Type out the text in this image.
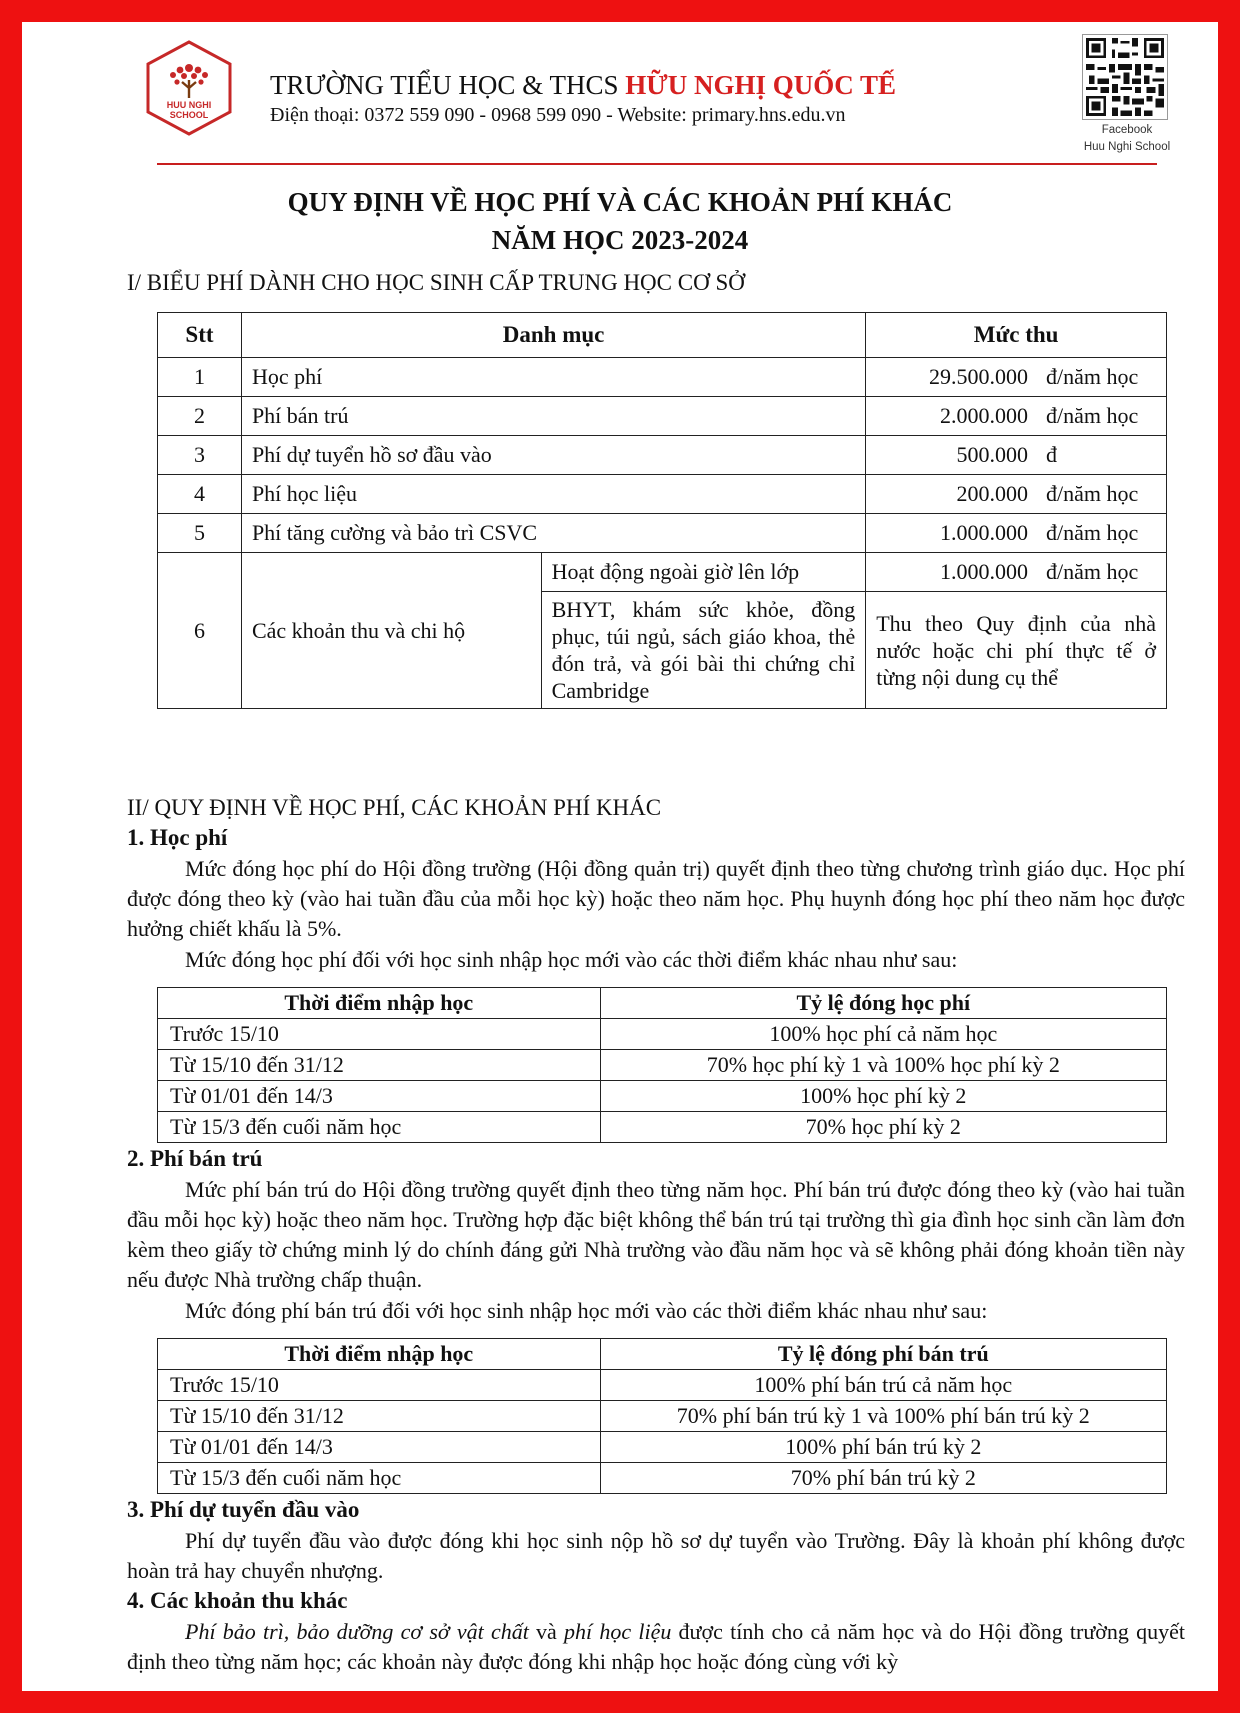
HUU NGHI
SCHOOL
TRƯỜNG TIỂU HỌC & THCS HỮU NGHỊ QUỐC TẾ
Điện thoại: 0372 559 090 - 0968 599 090 - Website: primary.hns.edu.vn
Facebook
Huu Nghi School
QUY ĐỊNH VỀ HỌC PHÍ VÀ CÁC KHOẢN PHÍ KHÁC
NĂM HỌC 2023-2024
I/ BIỂU PHÍ DÀNH CHO HỌC SINH CẤP TRUNG HỌC CƠ SỞ
Stt	Danh mục		Mức thu
1	Học phí		29.500.000 đ/năm học
2	Phí bán trú		2.000.000 đ/năm học
3	Phí dự tuyển hồ sơ đầu vào		500.000 đ
4	Phí học liệu		200.000 đ/năm học
5	Phí tăng cường và bảo trì CSVC		1.000.000 đ/năm học
6	Các khoản thu và chi hộ	Hoạt động ngoài giờ lên lớp	1.000.000 đ/năm học
		BHYT, khám sức khỏe, đồng phục, túi ngủ, sách giáo khoa, thẻ đón trả, và gói bài thi chứng chỉ Cambridge	Thu theo Quy định của nhà nước hoặc chi phí thực tế ở từng nội dung cụ thể
II/ QUY ĐỊNH VỀ HỌC PHÍ, CÁC KHOẢN PHÍ KHÁC
1. Học phí
Mức đóng học phí do Hội đồng trường (Hội đồng quản trị) quyết định theo từng chương trình giáo dục. Học phí được đóng theo kỳ (vào hai tuần đầu của mỗi học kỳ) hoặc theo năm học. Phụ huynh đóng học phí theo năm học được hưởng chiết khấu là 5%.
Mức đóng học phí đối với học sinh nhập học mới vào các thời điểm khác nhau như sau:
Thời điểm nhập học	Tỷ lệ đóng học phí
Trước 15/10	100% học phí cả năm học
Từ 15/10 đến 31/12	70% học phí kỳ 1 và 100% học phí kỳ 2
Từ 01/01 đến 14/3	100% học phí kỳ 2
Từ 15/3 đến cuối năm học	70% học phí kỳ 2
2. Phí bán trú
Mức phí bán trú do Hội đồng trường quyết định theo từng năm học. Phí bán trú được đóng theo kỳ (vào hai tuần đầu mỗi học kỳ) hoặc theo năm học. Trường hợp đặc biệt không thể bán trú tại trường thì gia đình học sinh cần làm đơn kèm theo giấy tờ chứng minh lý do chính đáng gửi Nhà trường vào đầu năm học và sẽ không phải đóng khoản tiền này nếu được Nhà trường chấp thuận.
Mức đóng phí bán trú đối với học sinh nhập học mới vào các thời điểm khác nhau như sau:
Thời điểm nhập học	Tỷ lệ đóng phí bán trú
Trước 15/10	100% phí bán trú cả năm học
Từ 15/10 đến 31/12	70% phí bán trú kỳ 1 và 100% phí bán trú kỳ 2
Từ 01/01 đến 14/3	100% phí bán trú kỳ 2
Từ 15/3 đến cuối năm học	70% phí bán trú kỳ 2
3. Phí dự tuyển đầu vào
Phí dự tuyển đầu vào được đóng khi học sinh nộp hồ sơ dự tuyển vào Trường. Đây là khoản phí không được hoàn trả hay chuyển nhượng.
4. Các khoản thu khác
Phí bảo trì, bảo dưỡng cơ sở vật chất và phí học liệu được tính cho cả năm học và do Hội đồng trường quyết định theo từng năm học; các khoản này được đóng khi nhập học hoặc đóng cùng với kỳ
